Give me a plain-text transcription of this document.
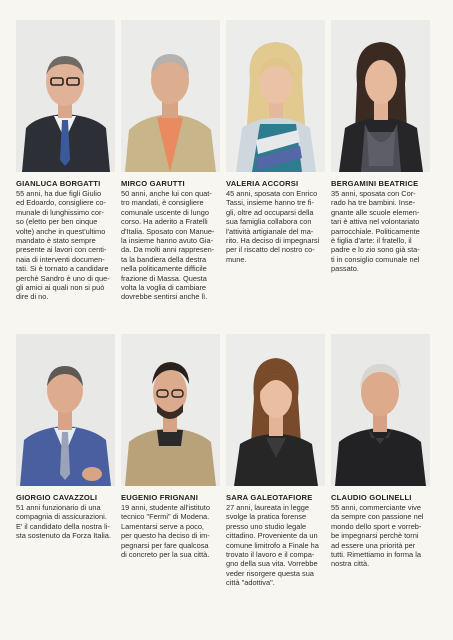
GIANLUCA BORGATTI
55 anni, ha due figli Giulio
ed Edoardo, consigliere co-
munale di lunghissimo cor-
so (eletto per ben cinque
volte) anche in quest'ultimo
mandato è stato sempre
presente ai lavori con centi-
naia di interventi documen-
tati. Si è tornato a candidare
perchè Sandro è uno di que-
gli amici ai quali non si può
dire di no.
MIRCO GARUTTI
50 anni, anche lui con quat-
tro mandati, è consigliere
comunale uscente di lungo
corso. Ha aderito a Fratelli
d'Italia. Sposato con Manue-
la insieme hanno avuto Gia-
da. Da molti anni rappresen-
ta la bandiera della destra
nella politicamente difficile
frazione di Massa. Questa
volta la voglia di cambiare
dovrebbe sentirsi anche lì.
VALERIA ACCORSI
45 anni, sposata con Enrico
Tassi, insieme hanno tre fi-
gli, oltre ad occuparsi della
sua famiglia collabora con
l'attività artigianale del ma-
rito. Ha deciso di impegnarsi
per il riscatto del nostro co-
mune.
BERGAMINI BEATRICE
35 anni, sposata con Cor-
rado ha tre bambini. Inse-
gnante alle scuole elemen-
tari è attiva nel volontariato
parrocchiale. Politicamente
è figlia d'arte: il fratello, il
padre e lo zio sono già sta-
ti in consiglio comunale nel
passato.
GIORGIO CAVAZZOLI
51 anni funzionario di una
compagnia di assicurazioni.
E' il candidato della nostra li-
sta sostenuto da Forza Italia.
EUGENIO FRIGNANI
19 anni, studente all'istituto
tecnico "Fermi" di Modena.
Lamentarsi serve a poco,
per questo ha deciso di im-
pegnarsi per fare qualcosa
di concreto per la sua città.
SARA GALEOTAFIORE
27 anni, laureata in legge
svolge la pratica forense
presso uno studio legale
cittadino. Proveniente da un
comune limitrofo a Finale ha
trovato il lavoro e il compa-
gno della sua vita. Vorrebbe
veder risorgere questa sua
città "adottiva".
CLAUDIO GOLINELLI
55 anni, commerciante vive
da sempre con passione nel
mondo dello sport e vorreb-
be impegnarsi perchè torni
ad essere una priorità per
tutti. Rimettiamo in forma la
nostra città.
